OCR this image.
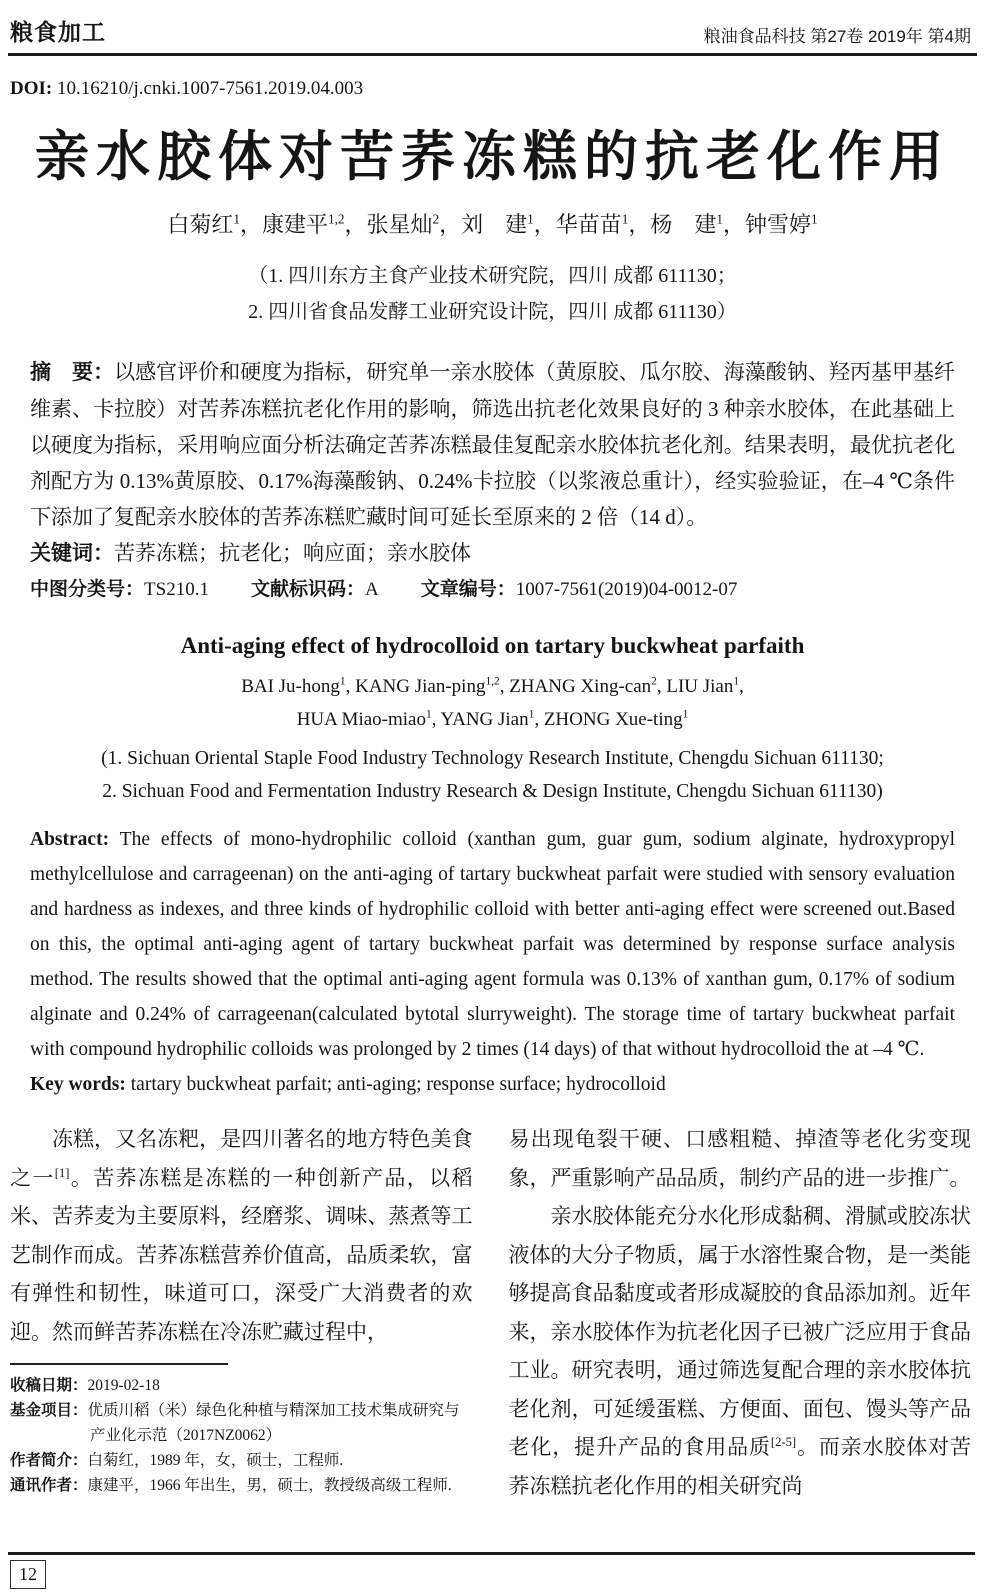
粮食加工	粮油食品科技 第27卷 2019年 第4期
DOI: 10.16210/j.cnki.1007-7561.2019.04.003
亲水胶体对苦荞冻糕的抗老化作用
白菊红$^1$，康建平$^{1,2}$，张星灿$^2$，刘　建$^1$，华苗苗$^1$，杨　建$^1$，钟雪婷$^1$
（1. 四川东方主食产业技术研究院，四川 成都 611130；
2. 四川省食品发酵工业研究设计院，四川 成都 611130）
摘　要：以感官评价和硬度为指标，研究单一亲水胶体（黄原胶、瓜尔胶、海藻酸钠、羟丙基甲基纤维素、卡拉胶）对苦荞冻糕抗老化作用的影响，筛选出抗老化效果良好的 3 种亲水胶体，在此基础上以硬度为指标，采用响应面分析法确定苦荞冻糕最佳复配亲水胶体抗老化剂。结果表明，最优抗老化剂配方为 0.13%黄原胶、0.17%海藻酸钠、0.24%卡拉胶（以浆液总重计），经实验验证，在–4 ℃条件下添加了复配亲水胶体的苦荞冻糕贮藏时间可延长至原来的 2 倍（14 d）。
关键词：苦荞冻糕；抗老化；响应面；亲水胶体
中图分类号：TS210.1 文献标识码：A 文章编号：1007-7561(2019)04-0012-07
Anti-aging effect of hydrocolloid on tartary buckwheat parfaith
BAI Ju-hong$^1$, KANG Jian-ping$^{1,2}$, ZHANG Xing-can$^2$, LIU Jian$^1$,
HUA Miao-miao$^1$, YANG Jian$^1$, ZHONG Xue-ting$^1$
(1. Sichuan Oriental Staple Food Industry Technology Research Institute, Chengdu Sichuan 611130;
2. Sichuan Food and Fermentation Industry Research & Design Institute, Chengdu Sichuan 611130)
Abstract: The effects of mono-hydrophilic colloid (xanthan gum, guar gum, sodium alginate, hydroxypropyl methylcellulose and carrageenan) on the anti-aging of tartary buckwheat parfait were studied with sensory evaluation and hardness as indexes, and three kinds of hydrophilic colloid with better anti-aging effect were screened out.Based on this, the optimal anti-aging agent of tartary buckwheat parfait was determined by response surface analysis method. The results showed that the optimal anti-aging agent formula was 0.13% of xanthan gum, 0.17% of sodium alginate and 0.24% of carrageenan(calculated bytotal slurryweight). The storage time of tartary buckwheat parfait with compound hydrophilic colloids was prolonged by 2 times (14 days) of that without hydrocolloid the at –4 ℃.
Key words: tartary buckwheat parfait; anti-aging; response surface; hydrocolloid
冻糕，又名冻粑，是四川著名的地方特色美食之一[1]。苦荞冻糕是冻糕的一种创新产品，以稻米、苦荞麦为主要原料，经磨浆、调味、蒸煮等工艺制作而成。苦荞冻糕营养价值高，品质柔软，富有弹性和韧性，味道可口，深受广大消费者的欢迎。然而鲜苦荞冻糕在冷冻贮藏过程中，
收稿日期：2019-02-18
基金项目：优质川稻（米）绿色化种植与精深加工技术集成研究与产业化示范（2017NZ0062）
作者简介：白菊红，1989 年，女，硕士，工程师.
通讯作者：康建平，1966 年出生，男，硕士，教授级高级工程师.
易出现龟裂干硬、口感粗糙、掉渣等老化劣变现象，严重影响产品品质，制约产品的进一步推广。
亲水胶体能充分水化形成黏稠、滑腻或胶冻状液体的大分子物质，属于水溶性聚合物，是一类能够提高食品黏度或者形成凝胶的食品添加剂。近年来，亲水胶体作为抗老化因子已被广泛应用于食品工业。研究表明，通过筛选复配合理的亲水胶体抗老化剂，可延缓蛋糕、方便面、面包、馒头等产品老化，提升产品的食用品质[2-5]。而亲水胶体对苦荞冻糕抗老化作用的相关研究尚
12
